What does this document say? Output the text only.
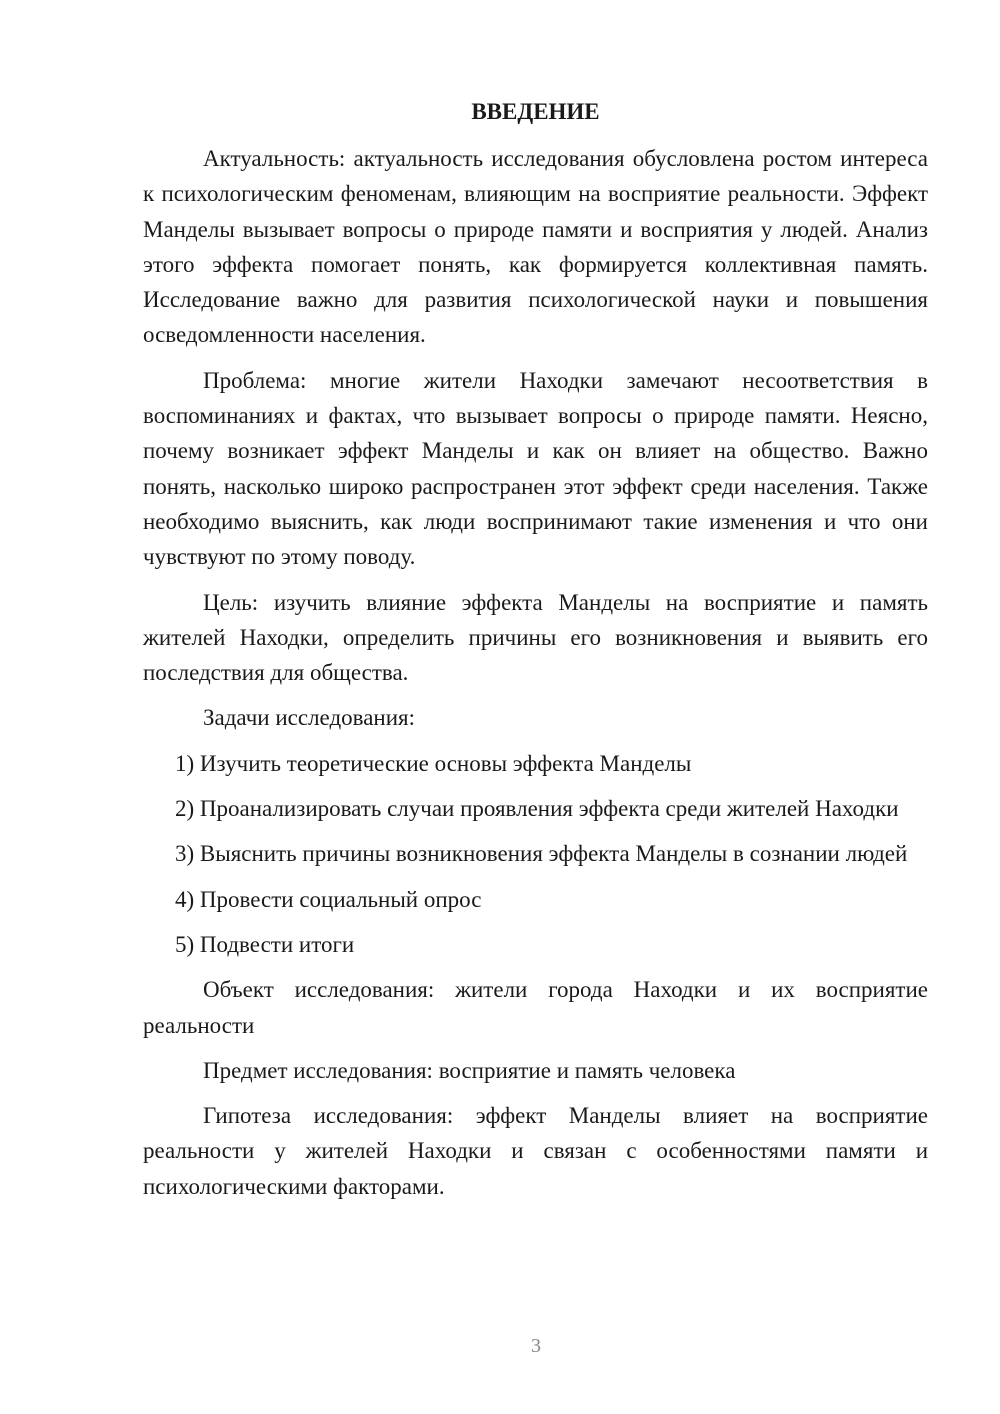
ВВЕДЕНИЕ

Актуальность: актуальность исследования обусловлена ростом интереса к психологическим феноменам, влияющим на восприятие реальности. Эффект Манделы вызывает вопросы о природе памяти и восприятия у людей. Анализ этого эффекта помогает понять, как формируется коллективная память. Исследование важно для развития психологической науки и повышения осведомленности населения.

Проблема: многие жители Находки замечают несоответствия в воспоминаниях и фактах, что вызывает вопросы о природе памяти. Неясно, почему возникает эффект Манделы и как он влияет на общество. Важно понять, насколько широко распространен этот эффект среди населения. Также необходимо выяснить, как люди воспринимают такие изменения и что они чувствуют по этому поводу.

Цель: изучить влияние эффекта Манделы на восприятие и память жителей Находки, определить причины его возникновения и выявить его последствия для общества.

Задачи исследования:

1) Изучить теоретические основы эффекта Манделы

2) Проанализировать случаи проявления эффекта среди жителей Находки

3) Выяснить причины возникновения эффекта Манделы в сознании людей

4) Провести социальный опрос

5) Подвести итоги

Объект исследования: жители города Находки и их восприятие реальности

Предмет исследования: восприятие и память человека

Гипотеза исследования: эффект Манделы влияет на восприятие реальности у жителей Находки и связан с особенностями памяти и психологическими факторами.

3
